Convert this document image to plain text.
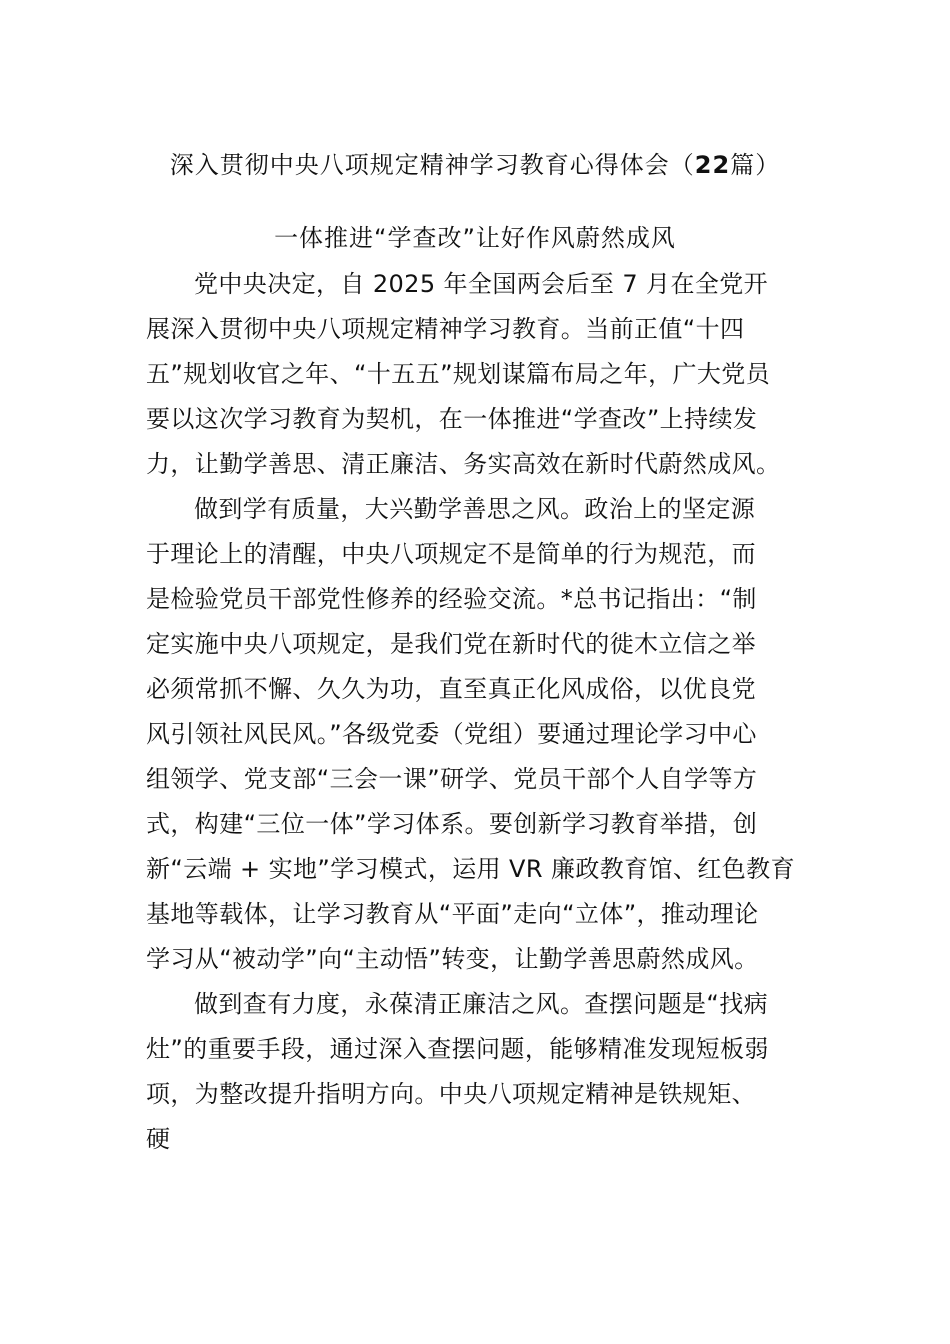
深入贯彻中央八项规定精神学习教育心得体会（22篇）
一体推进“学查改”让好作风蔚然成风
党中央决定，自 2025 年全国两会后至 7 月在全党开
展深入贯彻中央八项规定精神学习教育。当前正值“十四
五”规划收官之年、“十五五”规划谋篇布局之年，广大党员
要以这次学习教育为契机，在一体推进“学查改”上持续发
力，让勤学善思、清正廉洁、务实高效在新时代蔚然成风。
做到学有质量，大兴勤学善思之风。政治上的坚定源
于理论上的清醒，中央八项规定不是简单的行为规范，而
是检验党员干部党性修养的经验交流。*总书记指出：“制
定实施中央八项规定，是我们党在新时代的徙木立信之举
必须常抓不懈、久久为功，直至真正化风成俗，以优良党
风引领社风民风。”各级党委（党组）要通过理论学习中心
组领学、党支部“三会一课”研学、党员干部个人自学等方
式，构建“三位一体”学习体系。要创新学习教育举措，创
新“云端 + 实地”学习模式，运用 VR 廉政教育馆、红色教育
基地等载体，让学习教育从“平面”走向“立体”，推动理论
学习从“被动学”向“主动悟”转变，让勤学善思蔚然成风。
做到查有力度，永葆清正廉洁之风。查摆问题是“找病
灶”的重要手段，通过深入查摆问题，能够精准发现短板弱
项，为整改提升指明方向。中央八项规定精神是铁规矩、
硬
